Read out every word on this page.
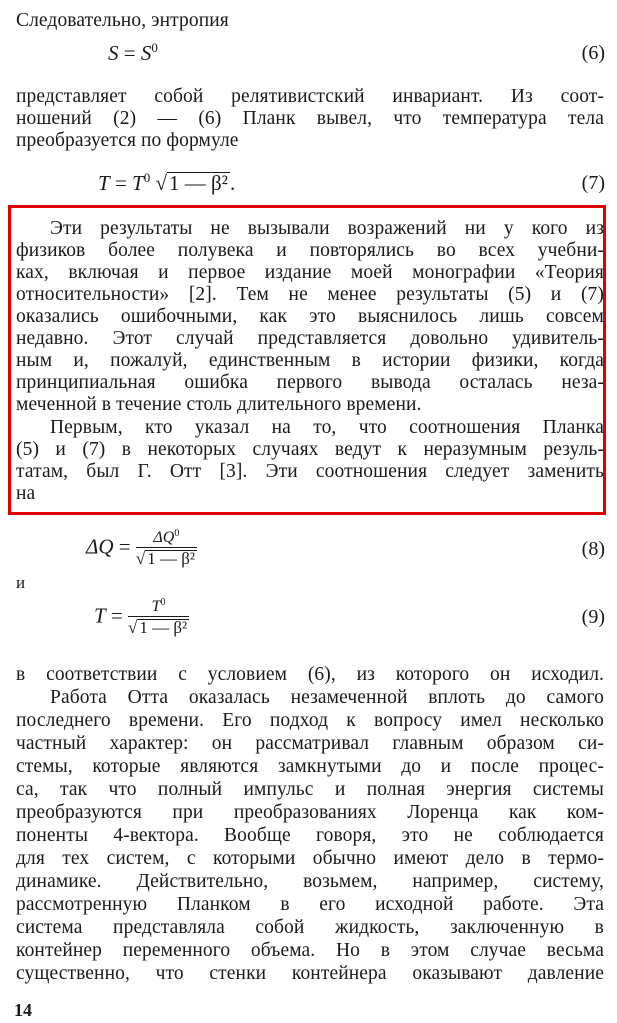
Следовательно, энтропия
$S = S^0$	(6)
представляет собой релятивистский инвариант. Из соот-
ношений (2) — (6) Планк вывел, что температура тела
преобразуется по формуле
$T = T^0$ √1 — β².	(7)
Эти результаты не вызывали возражений ни у кого из
физиков более полувека и повторялись во всех учебни-
ках, включая и первое издание моей монографии «Теория
относительности» [2]. Тем не менее результаты (5) и (7)
оказались ошибочными, как это выяснилось лишь совсем
недавно. Этот случай представляется довольно удивитель-
ным и, пожалуй, единственным в истории физики, когда
принципиальная ошибка первого вывода осталась неза-
меченной в течение столь длительного времени.
Первым, кто указал на то, что соотношения Планка
(5) и (7) в некоторых случаях ведут к неразумным резуль-
татам, был Г. Отт [3]. Эти соотношения следует заменить
на
$\Delta Q = \frac{\Delta Q^0}{\text{√ 1 — β²}}$	(8)
и
$T = \frac{T^0}{\text{√ 1 — β²}}$	(9)
в соответствии с условием (6), из которого он исходил.
Работа Отта оказалась незамеченной вплоть до самого
последнего времени. Его подход к вопросу имел несколько
частный характер: он рассматривал главным образом си-
стемы, которые являются замкнутыми до и после процес-
са, так что полный импульс и полная энергия системы
преобразуются при преобразованиях Лоренца как ком-
поненты 4-вектора. Вообще говоря, это не соблюдается
для тех систем, с которыми обычно имеют дело в термо-
динамике. Действительно, возьмем, например, систему,
рассмотренную Планком в его исходной работе. Эта
система представляла собой жидкость, заключенную в
контейнер переменного объема. Но в этом случае весьма
существенно, что стенки контейнера оказывают давление
14
